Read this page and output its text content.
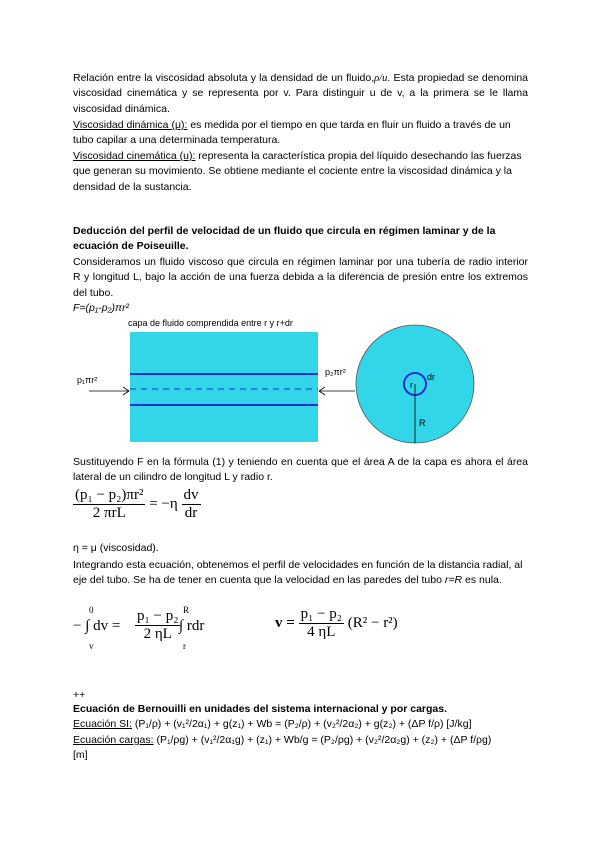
Relación entre la viscosidad absoluta y la densidad de un fluido,ρ/u. Esta propiedad se denomina viscosidad cinemática y se representa por v. Para distinguir u de v, a la primera se le llama viscosidad dinámica.
Viscosidad dinámica (μ): es medida por el tiempo en que tarda en fluir un fluido a través de un tubo capilar a una determinada temperatura.
Viscosidad cinemática (u): representa la característica propia del líquido desechando las fuerzas que generan su movimiento. Se obtiene mediante el cociente entre la viscosidad dinámica y la densidad de la sustancia.
Deducción del perfil de velocidad de un fluido que circula en régimen laminar y de la ecuación de Poiseuille.
Consideramos un fluido viscoso que circula en régimen laminar por una tubería de radio interior R y longitud L, bajo la acción de una fuerza debida a la diferencia de presión entre los extremos del tubo.
F=(p₁-p₂)πr²
capa de fluido comprendida entre r y r+dr
p₁πr²
p₂πr²
r
dr
R
Sustituyendo F en la fórmula (1) y teniendo en cuenta que el área A de la capa es ahora el área lateral de un cilindro de longitud L y radio r.
$\frac{\text{(p₁ − p₂)πr²}}{\text{2 πrL}} = -\eta \frac{dv}{dr}$
η = μ (viscosidad).
Integrando esta ecuación, obtenemos el perfil de velocidades en función de la distancia radial, al eje del tubo. Se ha de tener en cuenta que la velocidad en las paredes del tubo r=R es nula.
0
v
− ∫ dv = $\frac{\text{p₁ − p₂}}{2 \eta L}$ R
r
∫ rdr	$v = \frac{\text{p₁ − p₂}}{4 \eta L} (R^2 - r^2)$
++
Ecuación de Bernouilli en unidades del sistema internacional y por cargas.
Ecuación SI: (P₁/ρ) + (v₁²/2α₁) + g(z₁) + Wb = (P₂/ρ) + (v₂²/2α₂) + g(z₂) + (ΔP f/ρ) [J/kg]
Ecuación cargas: (P₁/ρg) + (v₁²/2α₁g) + (z₁) + Wb/g = (P₂/ρg) + (v₂²/2α₂g) + (z₂) + (ΔP f/ρg)
[m]
